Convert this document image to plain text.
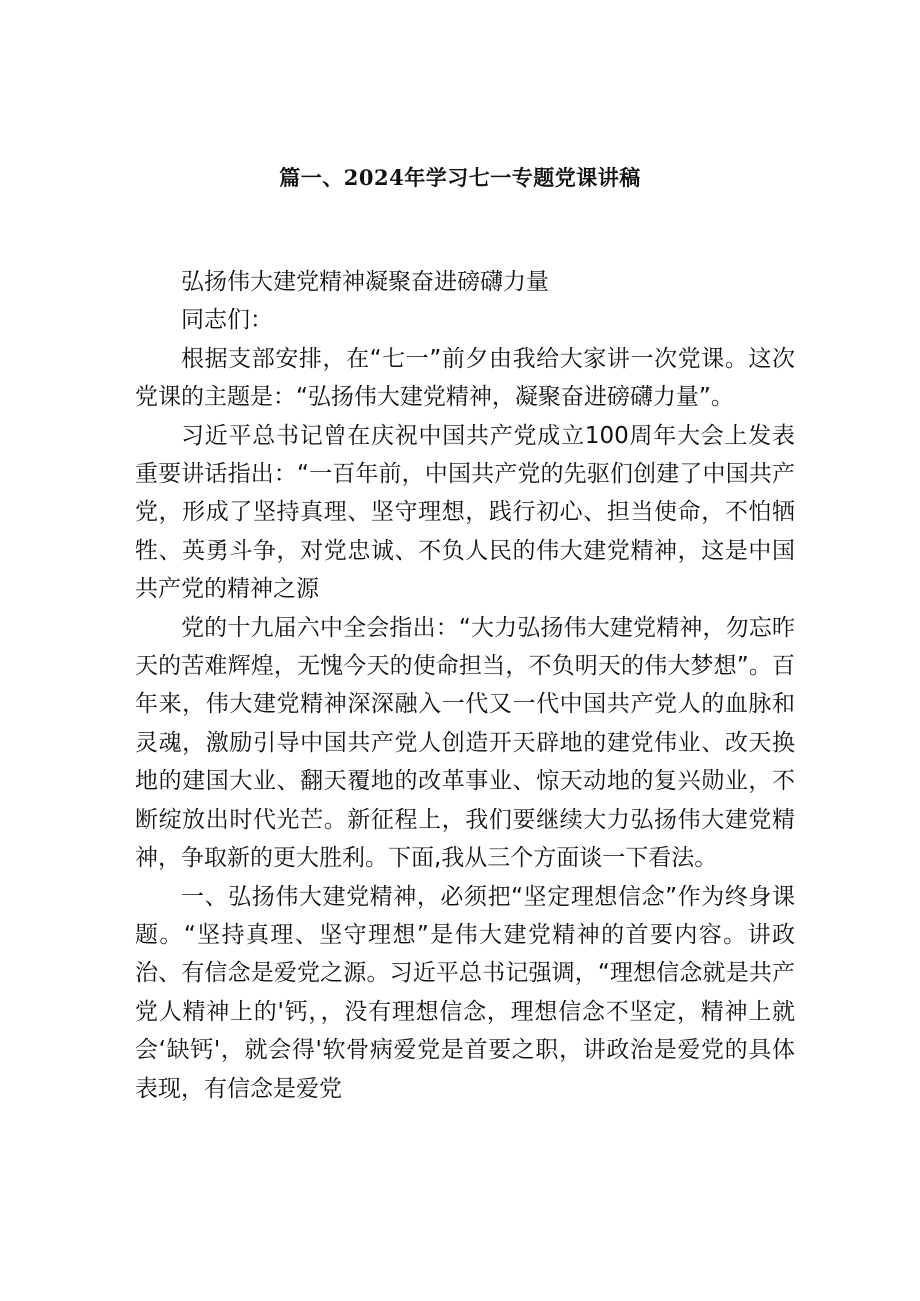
篇一、2024年学习七一专题党课讲稿

弘扬伟大建党精神凝聚奋进磅礴力量

同志们：

根据支部安排，在“七一”前夕由我给大家讲一次党课。这次党课的主题是：“弘扬伟大建党精神，凝聚奋进磅礴力量”。

习近平总书记曾在庆祝中国共产党成立100周年大会上发表重要讲话指出：“一百年前，中国共产党的先驱们创建了中国共产党，形成了坚持真理、坚守理想，践行初心、担当使命，不怕牺牲、英勇斗争，对党忠诚、不负人民的伟大建党精神，这是中国共产党的精神之源

党的十九届六中全会指出：“大力弘扬伟大建党精神，勿忘昨天的苦难辉煌，无愧今天的使命担当，不负明天的伟大梦想”。百年来，伟大建党精神深深融入一代又一代中国共产党人的血脉和灵魂，激励引导中国共产党人创造开天辟地的建党伟业、改天换地的建国大业、翻天覆地的改革事业、惊天动地的复兴勋业，不断绽放出时代光芒。新征程上，我们要继续大力弘扬伟大建党精神，争取新的更大胜利。下面,我从三个方面谈一下看法。

一、弘扬伟大建党精神，必须把“坚定理想信念”作为终身课题。“坚持真理、坚守理想”是伟大建党精神的首要内容。讲政治、有信念是爱党之源。习近平总书记强调，“理想信念就是共产党人精神上的'钙，，没有理想信念，理想信念不坚定，精神上就会‘缺钙'，就会得'软骨病爱党是首要之职，讲政治是爱党的具体表现，有信念是爱党
